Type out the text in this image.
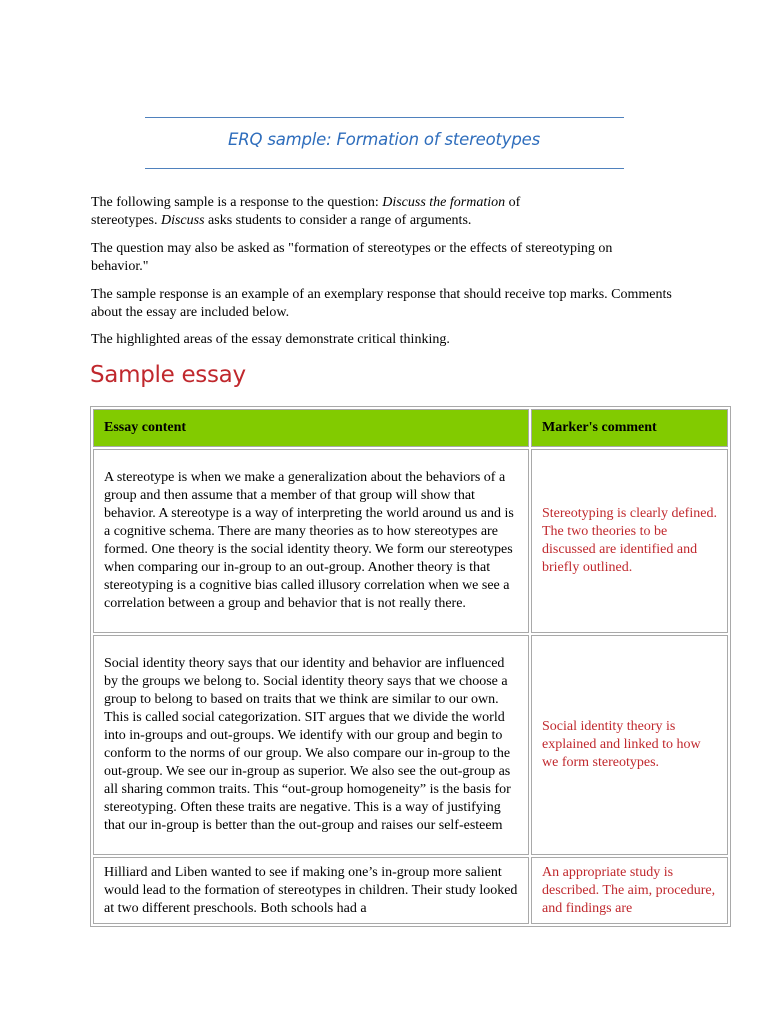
ERQ sample: Formation of stereotypes

The following sample is a response to the question: Discuss the formation of stereotypes. Discuss asks students to consider a range of arguments.

The question may also be asked as "formation of stereotypes or the effects of stereotyping on behavior."

The sample response is an example of an exemplary response that should receive top marks. Comments about the essay are included below.

The highlighted areas of the essay demonstrate critical thinking.

Sample essay
Essay content	Marker's comment

A stereotype is when we make a generalization about the behaviors of a group and then assume that a member of that group will show that behavior. A stereotype is a way of interpreting the world around us and is a cognitive schema. There are many theories as to how stereotypes are formed. One theory is the social identity theory. We form our stereotypes when comparing our in-group to an out-group. Another theory is that stereotyping is a cognitive bias called illusory correlation when we see a correlation between a group and behavior that is not really there.	Stereotyping is clearly defined. The two theories to be discussed are identified and briefly outlined.

Social identity theory says that our identity and behavior are influenced by the groups we belong to. Social identity theory says that we choose a group to belong to based on traits that we think are similar to our own. This is called social categorization. SIT argues that we divide the world into in-groups and out-groups. We identify with our group and begin to conform to the norms of our group. We also compare our in-group to the out-group. We see our in-group as superior. We also see the out-group as all sharing common traits. This “out-group homogeneity” is the basis for stereotyping. Often these traits are negative. This is a way of justifying that our in-group is better than the out-group and raises our self-esteem	Social identity theory is explained and linked to how we form stereotypes.

Hilliard and Liben wanted to see if making one’s in-group more salient would lead to the formation of stereotypes in children. Their study looked at two different preschools. Both schools had a	An appropriate study is described. The aim, procedure, and findings are
